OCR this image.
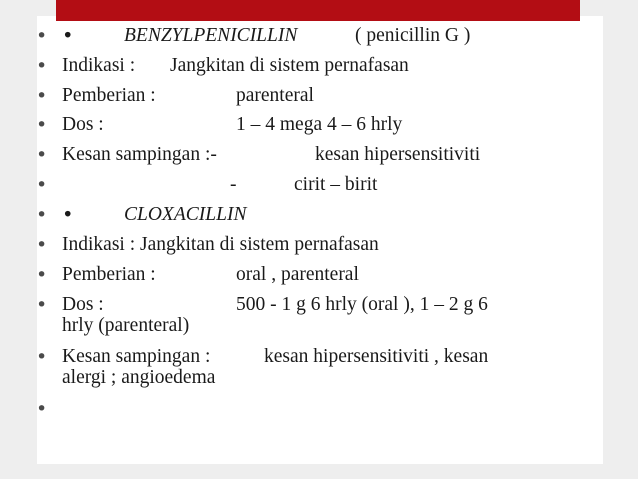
•
•
BENZYLPENICILLIN	( penicillin G )
•
Indikasi : Jangkitan di sistem pernafasan
•
Pemberian :	parenteral
•
Dos :	1 – 4 mega 4 – 6 hrly
•
Kesan sampingan :-	kesan hipersensitiviti
•
-	cirit – birit
•
•
CLOXACILLIN
•
Indikasi : Jangkitan di sistem pernafasan
•
Pemberian :	oral , parenteral
•
Dos :	500 - 1 g 6 hrly (oral ), 1 – 2 g 6
hrly (parenteral)
•
Kesan sampingan :	kesan hipersensitiviti , kesan
alergi ; angioedema
•
